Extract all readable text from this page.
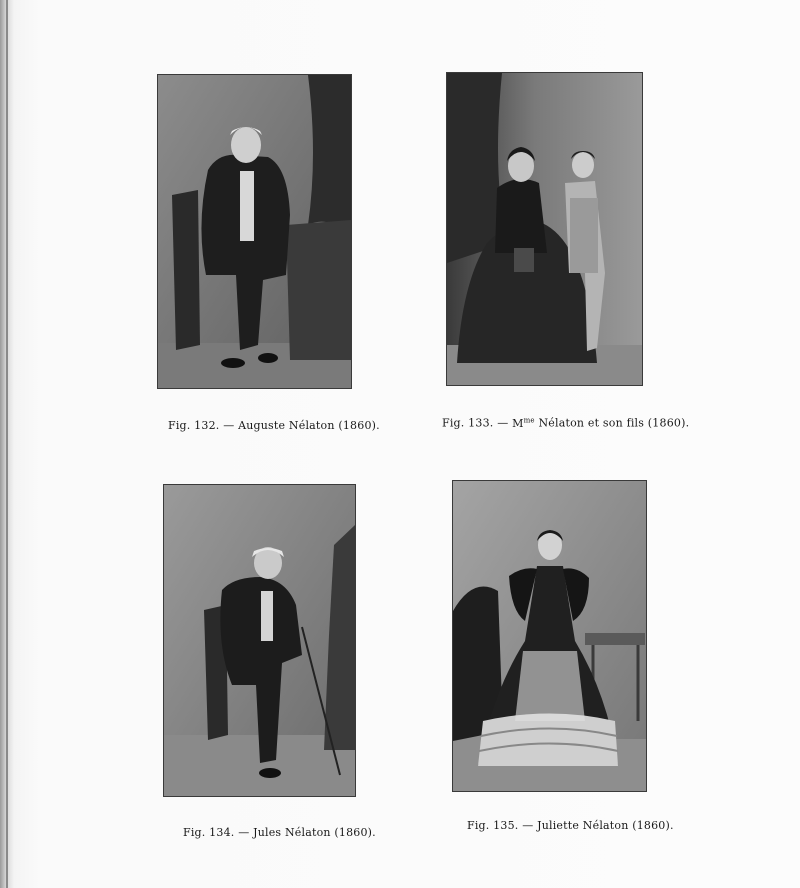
Fig. 132. — Auguste Nélaton (1860).	Fig. 133. — $M^{me}$ Nélaton et son fils (1860).
Fig. 134. — Jules Nélaton (1860).
Fig. 135. — Juliette Nélaton (1860).
